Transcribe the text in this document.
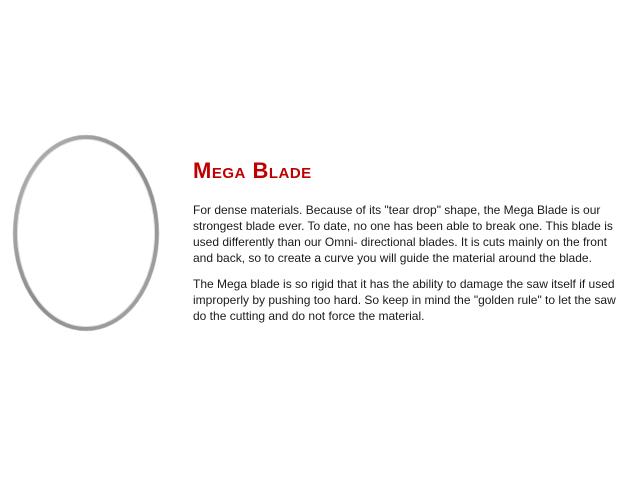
Mega Blade

For dense materials. Because of its "tear drop" shape, the Mega Blade is our strongest blade ever. To date, no one has been able to break one. This blade is used differently than our Omni- directional blades. It is cuts mainly on the front and back, so to create a curve you will guide the material around the blade.

The Mega blade is so rigid that it has the ability to damage the saw itself if used improperly by pushing too hard. So keep in mind the "golden rule" to let the saw do the cutting and do not force the material.
